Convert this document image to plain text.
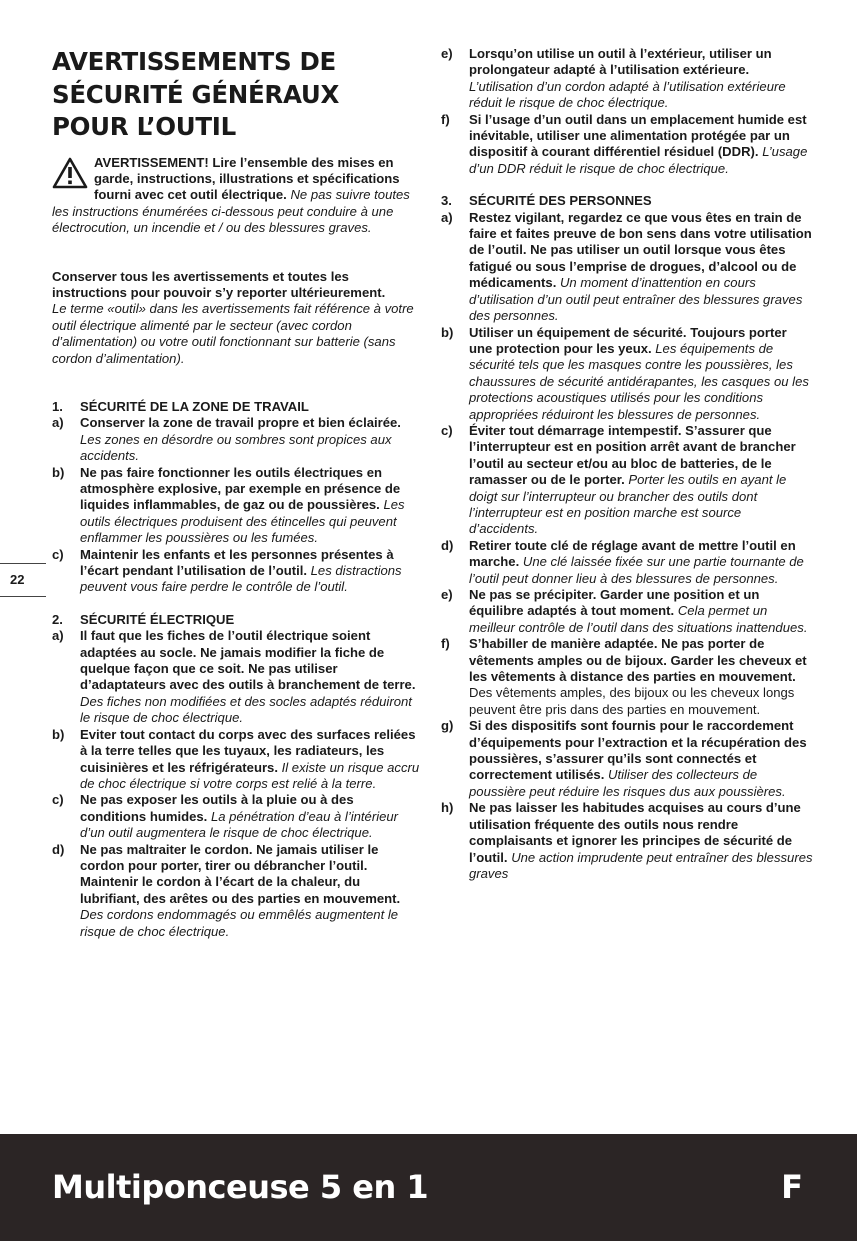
AVERTISSEMENTS DE SÉCURITÉ GÉNÉRAUX POUR L’OUTIL

AVERTISSEMENT! Lire l’ensemble des mises en garde, instructions, illustrations et spécifications fourni avec cet outil électrique. Ne pas suivre toutes les instructions énumérées ci-dessous peut conduire à une électrocution, un incendie et / ou des blessures graves.

Conserver tous les avertissements et toutes les instructions pour pouvoir s’y reporter ultérieurement.

Le terme «outil» dans les avertissements fait référence à votre outil électrique alimenté par le secteur (avec cordon d’alimentation) ou votre outil fonctionnant sur batterie (sans cordon d’alimentation).

1.	SÉCURITÉ DE LA ZONE DE TRAVAIL
a)	Conserver la zone de travail propre et bien éclairée. Les zones en désordre ou sombres sont propices aux accidents.
b)	Ne pas faire fonctionner les outils électriques en atmosphère explosive, par exemple en présence de liquides inflammables, de gaz ou de poussières. Les outils électriques produisent des étincelles qui peuvent enflammer les poussières ou les fumées.
c)	Maintenir les enfants et les personnes présentes à l’écart pendant l’utilisation de l’outil. Les distractions peuvent vous faire perdre le contrôle de l’outil.
2.	SÉCURITÉ ÉLECTRIQUE
a)	Il faut que les fiches de l’outil électrique soient adaptées au socle. Ne jamais modifier la fiche de quelque façon que ce soit. Ne pas utiliser d’adaptateurs avec des outils à branchement de terre. Des fiches non modifiées et des socles adaptés réduiront le risque de choc électrique.
b)	Eviter tout contact du corps avec des surfaces reliées à la terre telles que les tuyaux, les radiateurs, les cuisinières et les réfrigérateurs. Il existe un risque accru de choc électrique si votre corps est relié à la terre.
c)	Ne pas exposer les outils à la pluie ou à des conditions humides. La pénétration d’eau à l’intérieur d’un outil augmentera le risque de choc électrique.
d)	Ne pas maltraiter le cordon. Ne jamais utiliser le cordon pour porter, tirer ou débrancher l’outil. Maintenir le cordon à l’écart de la chaleur, du lubrifiant, des arêtes ou des parties en mouvement. Des cordons endommagés ou emmêlés augmentent le risque de choc électrique.
22
e)	Lorsqu’on utilise un outil à l’extérieur, utiliser un prolongateur adapté à l’utilisation extérieure. L’utilisation d’un cordon adapté à l’utilisation extérieure réduit le risque de choc électrique.
f)	Si l’usage d’un outil dans un emplacement humide est inévitable, utiliser une alimentation protégée par un dispositif à courant différentiel résiduel (DDR). L’usage d’un DDR réduit le risque de choc électrique.
3.	SÉCURITÉ DES PERSONNES
a)	Restez vigilant, regardez ce que vous êtes en train de faire et faites preuve de bon sens dans votre utilisation de l’outil. Ne pas utiliser un outil lorsque vous êtes fatigué ou sous l’emprise de drogues, d’alcool ou de médicaments. Un moment d’inattention en cours d’utilisation d’un outil peut entraîner des blessures graves des personnes.
b)	Utiliser un équipement de sécurité. Toujours porter une protection pour les yeux. Les équipements de sécurité tels que les masques contre les poussières, les chaussures de sécurité antidérapantes, les casques ou les protections acoustiques utilisés pour les conditions appropriées réduiront les blessures de personnes.
c)	Éviter tout démarrage intempestif. S’assurer que l’interrupteur est en position arrêt avant de brancher l’outil au secteur et/ou au bloc de batteries, de le ramasser ou de le porter. Porter les outils en ayant le doigt sur l’interrupteur ou brancher des outils dont l’interrupteur est en position marche est source d’accidents.
d)	Retirer toute clé de réglage avant de mettre l’outil en marche. Une clé laissée fixée sur une partie tournante de l’outil peut donner lieu à des blessures de personnes.
e)	Ne pas se précipiter. Garder une position et un équilibre adaptés à tout moment. Cela permet un meilleur contrôle de l’outil dans des situations inattendues.
f)	S’habiller de manière adaptée. Ne pas porter de vêtements amples ou de bijoux. Garder les cheveux et les vêtements à distance des parties en mouvement. Des vêtements amples, des bijoux ou les cheveux longs peuvent être pris dans des parties en mouvement.
g)	Si des dispositifs sont fournis pour le raccordement d’équipements pour l’extraction et la récupération des poussières, s’assurer qu’ils sont connectés et correctement utilisés. Utiliser des collecteurs de poussière peut réduire les risques dus aux poussières.
h)	Ne pas laisser les habitudes acquises au cours d’une utilisation fréquente des outils nous rendre complaisants et ignorer les principes de sécurité de l’outil. Une action imprudente peut entraîner des blessures graves
Multiponceuse 5 en 1	F
